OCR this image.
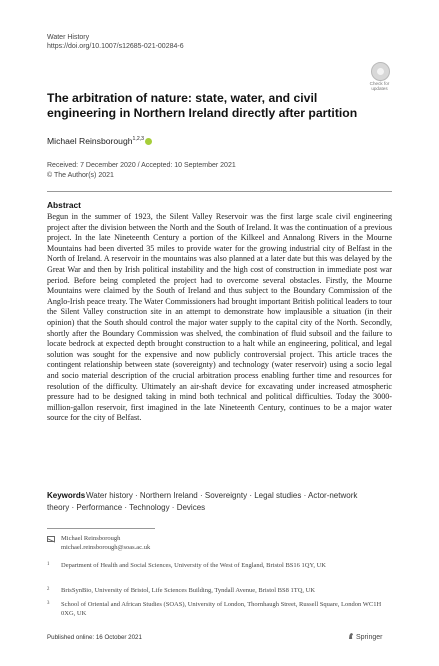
Water History
https://doi.org/10.1007/s12685-021-00284-6
Check for
updates
The arbitration of nature: state, water, and civil engineering in Northern Ireland directly after partition
Michael Reinsborough$^{1,2,3}$
Received: 7 December 2020 / Accepted: 10 September 2021
© The Author(s) 2021
Abstract
Begun in the summer of 1923, the Silent Valley Reservoir was the first large scale civil engineering project after the division between the North and the South of Ireland. It was the continuation of a previous project. In the late Nineteenth Century a portion of the Kilkeel and Annalong Rivers in the Mourne Mountains had been diverted 35 miles to provide water for the growing industrial city of Belfast in the North of Ireland. A reservoir in the mountains was also planned at a later date but this was delayed by the Great War and then by Irish political instability and the high cost of construction in immediate post war period. Before being completed the project had to overcome several obstacles. Firstly, the Mourne Mountains were claimed by the South of Ireland and thus subject to the Boundary Commission of the Anglo-Irish peace treaty. The Water Commissioners had brought important British political leaders to tour the Silent Valley construction site in an attempt to demonstrate how implausible a situation (in their opinion) that the South should control the major water supply to the capital city of the North. Secondly, shortly after the Boundary Commission was shelved, the combination of fluid subsoil and the failure to locate bedrock at expected depth brought construction to a halt while an engineering, political, and legal solution was sought for the expensive and now publicly controversial project. This article traces the contingent relationship between state (sovereignty) and technology (water reservoir) using a socio legal and socio material description of the crucial arbitration process enabling further time and resources for resolution of the difficulty. Ultimately an air-shaft device for excavating under increased atmospheric pressure had to be designed taking in mind both technical and political difficulties. Today the 3000-million-gallon reservoir, first imagined in the late Nineteenth Century, continues to be a major water source for the city of Belfast.
Keywords Water history · Northern Ireland · Sovereignty · Legal studies · Actor-network
theory · Performance · Technology · Devices
Michael Reinsborough
michael.reinsborough@soas.ac.uk
1 Department of Health and Social Sciences, University of the West of England, Bristol BS16 1QY, UK
2 BrisSynBio, University of Bristol, Life Sciences Building, Tyndall Avenue, Bristol BS8 1TQ, UK
3 School of Oriental and African Studies (SOAS), University of London, Thornhaugh Street, Russell Square, London WC1H 0XG, UK
Published online: 16 October 2021	Springer
